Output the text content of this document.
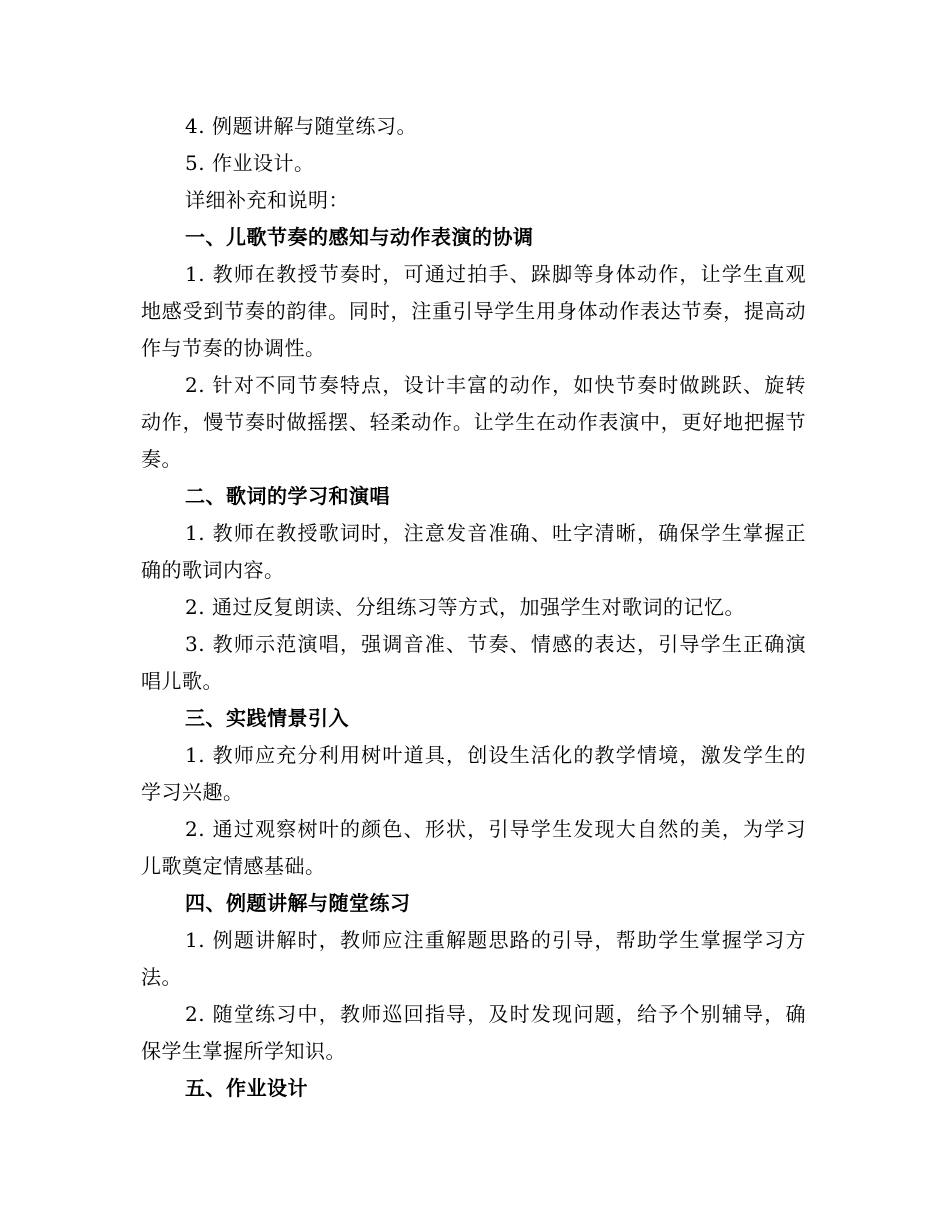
4. 例题讲解与随堂练习。
5. 作业设计。
详细补充和说明：
一、儿歌节奏的感知与动作表演的协调

1. 教师在教授节奏时，可通过拍手、跺脚等身体动作，让学生直观地感受到节奏的韵律。同时，注重引导学生用身体动作表达节奏，提高动作与节奏的协调性。

2. 针对不同节奏特点，设计丰富的动作，如快节奏时做跳跃、旋转动作，慢节奏时做摇摆、轻柔动作。让学生在动作表演中，更好地把握节奏。

二、歌词的学习和演唱

1. 教师在教授歌词时，注意发音准确、吐字清晰，确保学生掌握正确的歌词内容。

2. 通过反复朗读、分组练习等方式，加强学生对歌词的记忆。

3. 教师示范演唱，强调音准、节奏、情感的表达，引导学生正确演唱儿歌。

三、实践情景引入

1. 教师应充分利用树叶道具，创设生活化的教学情境，激发学生的学习兴趣。

2. 通过观察树叶的颜色、形状，引导学生发现大自然的美，为学习儿歌奠定情感基础。

四、例题讲解与随堂练习

1. 例题讲解时，教师应注重解题思路的引导，帮助学生掌握学习方法。

2. 随堂练习中，教师巡回指导，及时发现问题，给予个别辅导，确保学生掌握所学知识。

五、作业设计
